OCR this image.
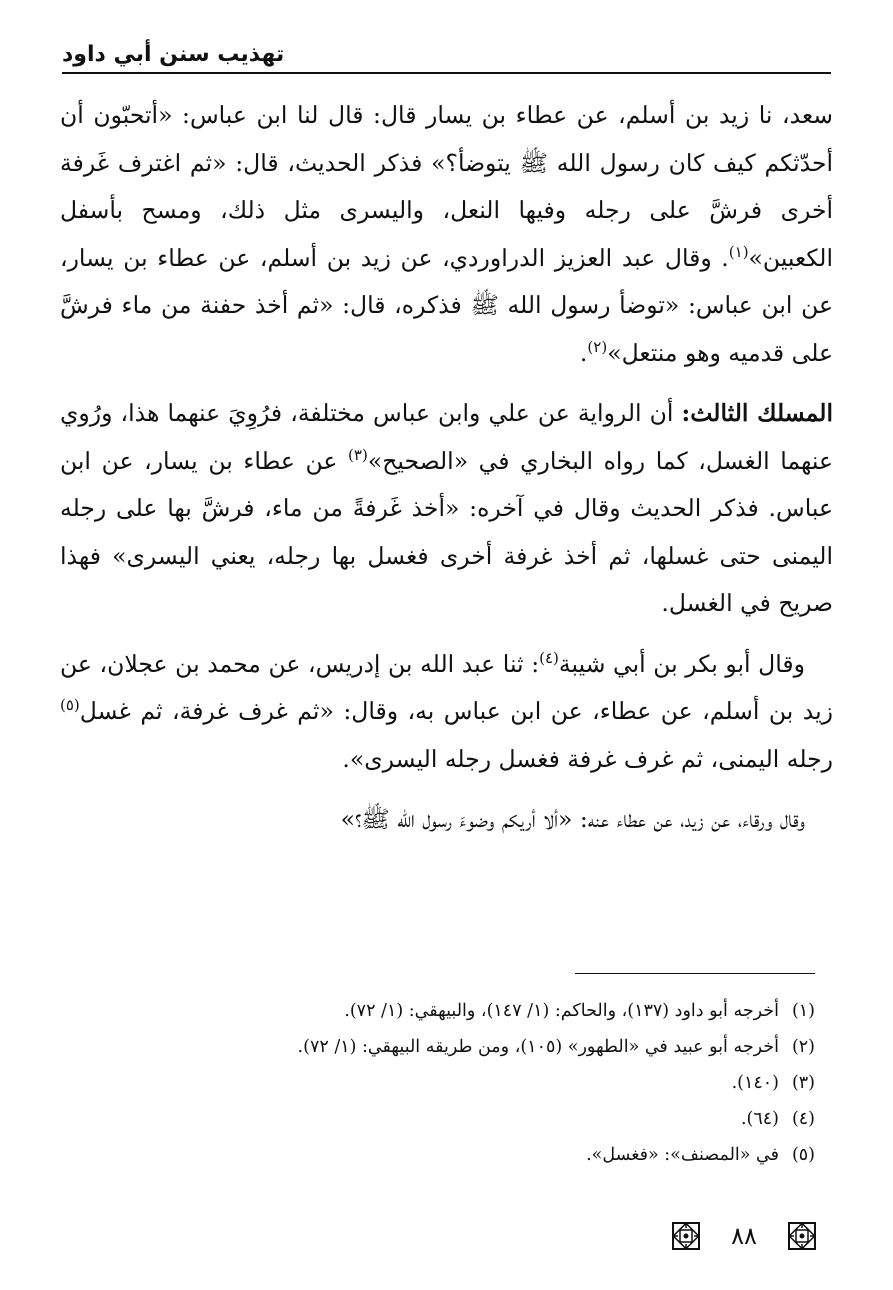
تهذيب سنن أبي داود

سعد، نا زيد بن أسلم، عن عطاء بن يسار قال: قال لنا ابن عباس: «أتحبّون أن أحدّثكم كيف كان رسول الله ﷺ يتوضأ؟» فذكر الحديث، قال: «ثم اغترف غَرفة أخرى فرشَّ على رجله وفيها النعل، واليسرى مثل ذلك، ومسح بأسفل الكعبين»$^{(١)}$. وقال عبد العزيز الدراوردي، عن زيد بن أسلم، عن عطاء بن يسار، عن ابن عباس: «توضأ رسول الله ﷺ فذكره، قال: «ثم أخذ حفنة من ماء فرشَّ على قدميه وهو منتعل»$^{(٢)}$.

المسلك الثالث: أن الرواية عن علي وابن عباس مختلفة، فرُوِيَ عنهما هذا، ورُوي عنهما الغسل، كما رواه البخاري في «الصحيح»$^{(٣)}$ عن عطاء بن يسار، عن ابن عباس. فذكر الحديث وقال في آخره: «أخذ غَرفةً من ماء، فرشَّ بها على رجله اليمنى حتى غسلها، ثم أخذ غرفة أخرى فغسل بها رجله، يعني اليسرى» فهذا صريح في الغسل.

وقال أبو بكر بن أبي شيبة$^{(٤)}$: ثنا عبد الله بن إدريس، عن محمد بن عجلان، عن زيد بن أسلم، عن عطاء، عن ابن عباس به، وقال: «ثم غرف غرفة، ثم غسل$^{(٥)}$ رجله اليمنى، ثم غرف غرفة فغسل رجله اليسرى».

وقال ورقاء، عن زيد، عن عطاء عنه: «ألا أريكم وضوءَ رسول الله ﷺ؟»

(١)
أخرجه أبو داود (١٣٧)، والحاكم: (١/ ١٤٧)، والبيهقي: (١/ ٧٢).
(٢)
أخرجه أبو عبيد في «الطهور» (١٠٥)، ومن طريقه البيهقي: (١/ ٧٢).
(٣)
(١٤٠).
(٤)
(٦٤).
(٥)
في «المصنف»: «فغسل».
٨٨
